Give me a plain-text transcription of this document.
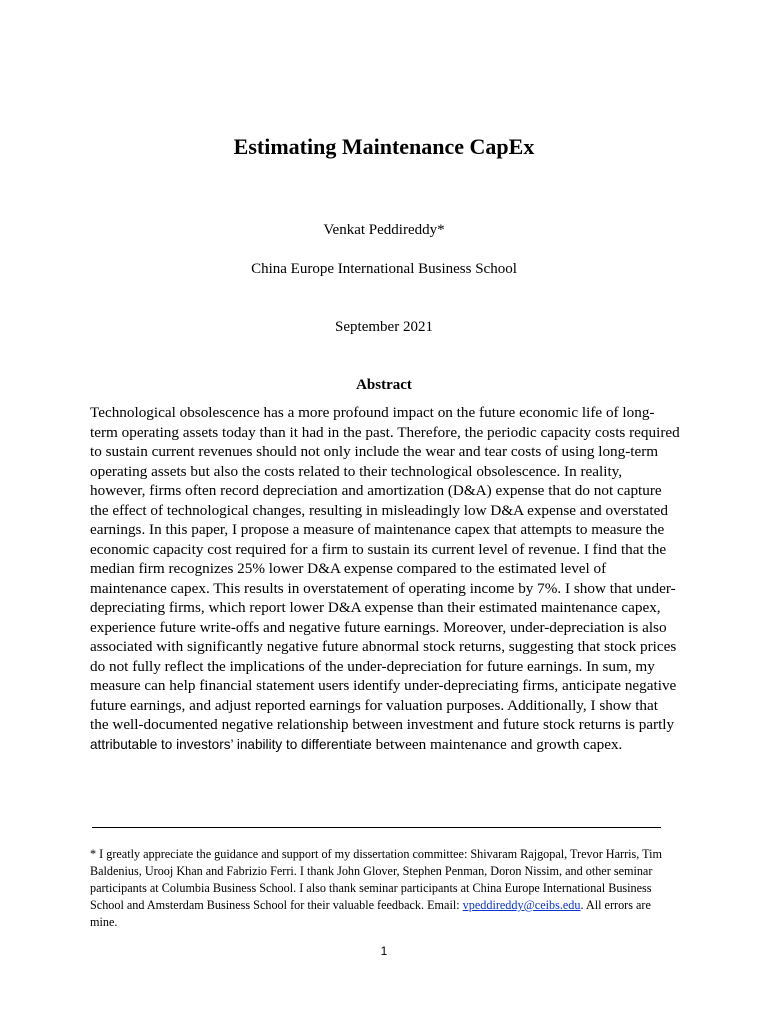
Estimating Maintenance CapEx
Venkat Peddireddy*
China Europe International Business School
September 2021
Abstract
Technological obsolescence has a more profound impact on the future economic life of long-term operating assets today than it had in the past. Therefore, the periodic capacity costs required to sustain current revenues should not only include the wear and tear costs of using long-term operating assets but also the costs related to their technological obsolescence. In reality, however, firms often record depreciation and amortization (D&A) expense that do not capture the effect of technological changes, resulting in misleadingly low D&A expense and overstated earnings. In this paper, I propose a measure of maintenance capex that attempts to measure the economic capacity cost required for a firm to sustain its current level of revenue. I find that the median firm recognizes 25% lower D&A expense compared to the estimated level of maintenance capex. This results in overstatement of operating income by 7%. I show that under-depreciating firms, which report lower D&A expense than their estimated maintenance capex, experience future write-offs and negative future earnings. Moreover, under-depreciation is also associated with significantly negative future abnormal stock returns, suggesting that stock prices do not fully reflect the implications of the under-depreciation for future earnings. In sum, my measure can help financial statement users identify under-depreciating firms, anticipate negative future earnings, and adjust reported earnings for valuation purposes. Additionally, I show that the well-documented negative relationship between investment and future stock returns is partly attributable to investors’ inability to differentiate between maintenance and growth capex.
* I greatly appreciate the guidance and support of my dissertation committee: Shivaram Rajgopal, Trevor Harris, Tim Baldenius, Urooj Khan and Fabrizio Ferri. I thank John Glover, Stephen Penman, Doron Nissim, and other seminar participants at Columbia Business School. I also thank seminar participants at China Europe International Business School and Amsterdam Business School for their valuable feedback. Email: vpeddireddy@ceibs.edu. All errors are mine.
1
